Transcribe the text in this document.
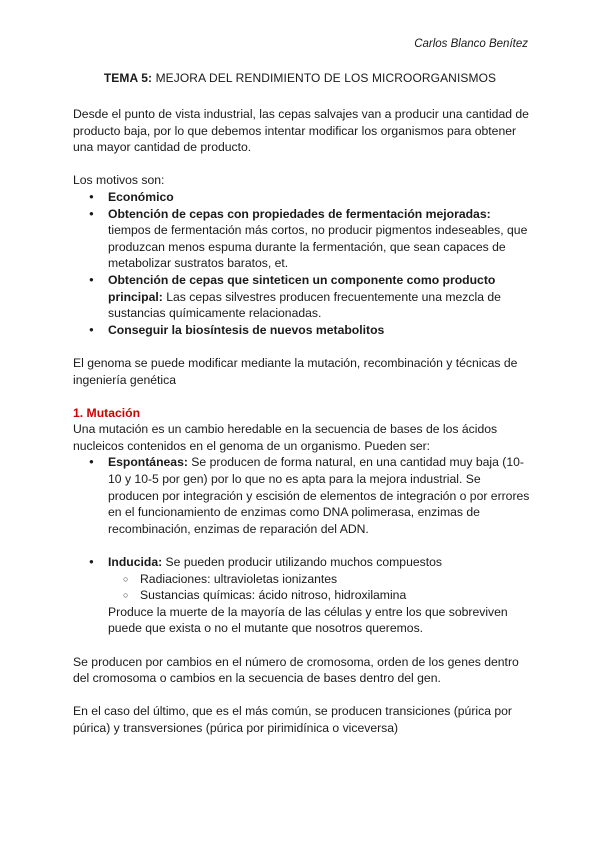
Carlos Blanco Benítez
TEMA 5: MEJORA DEL RENDIMIENTO DE LOS MICROORGANISMOS

Desde el punto de vista industrial, las cepas salvajes van a producir una cantidad de producto baja, por lo que debemos intentar modificar los organismos para obtener una mayor cantidad de producto.

Los motivos son:

● Económico
● Obtención de cepas con propiedades de fermentación mejoradas: tiempos de fermentación más cortos, no producir pigmentos indeseables, que produzcan menos espuma durante la fermentación, que sean capaces de metabolizar sustratos baratos, et.
● Obtención de cepas que sinteticen un componente como producto principal: Las cepas silvestres producen frecuentemente una mezcla de sustancias químicamente relacionadas.
● Conseguir la biosíntesis de nuevos metabolitos

El genoma se puede modificar mediante la mutación, recombinación y técnicas de ingeniería genética

1. Mutación

Una mutación es un cambio heredable en la secuencia de bases de los ácidos nucleicos contenidos en el genoma de un organismo. Pueden ser:

● Espontáneas: Se producen de forma natural, en una cantidad muy baja (10-10 y 10-5 por gen) por lo que no es apta para la mejora industrial. Se producen por integración y escisión de elementos de integración o por errores en el funcionamiento de enzimas como DNA polimerasa, enzimas de recombinación, enzimas de reparación del ADN.
● Inducida: Se pueden producir utilizando muchos compuestos
○ Radiaciones: ultravioletas ionizantes
○ Sustancias químicas: ácido nitroso, hidroxilamina

Produce la muerte de la mayoría de las células y entre los que sobreviven puede que exista o no el mutante que nosotros queremos.

Se producen por cambios en el número de cromosoma, orden de los genes dentro del cromosoma o cambios en la secuencia de bases dentro del gen.

En el caso del último, que es el más común, se producen transiciones (púrica por púrica) y transversiones (púrica por pirimidínica o viceversa)
